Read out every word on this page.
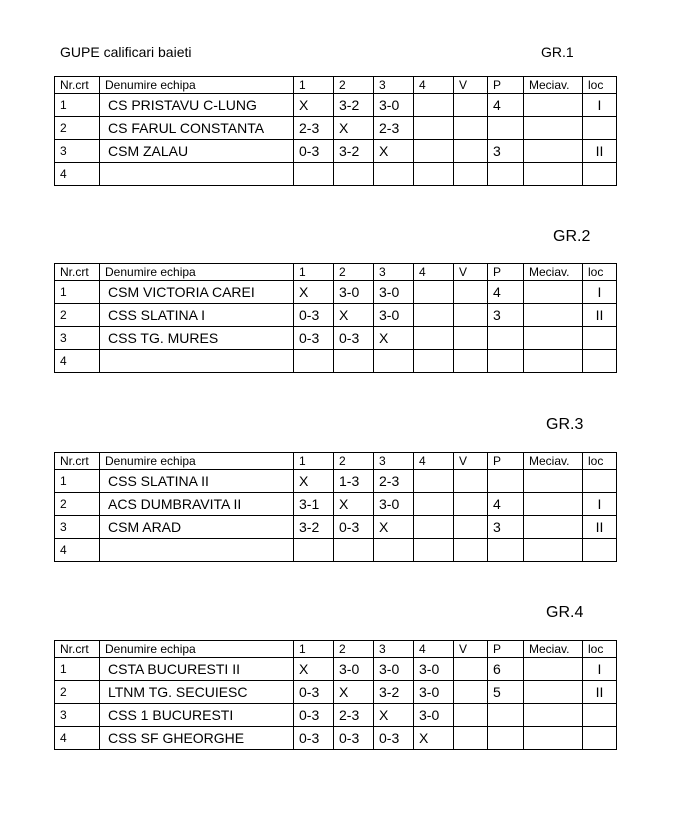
GUPE calificari baieti	GR.1
Nr.crt	Denumire echipa	1	2	3	4	V	P	Meciav.	loc
1	CS PRISTAVU C-LUNG	X	3-2	3-0			4		I
2	CS FARUL CONSTANTA	2-3	X	2-3					
3	CSM ZALAU	0-3	3-2	X			3		II
4									
GR.2
Nr.crt	Denumire echipa	1	2	3	4	V	P	Meciav.	loc
1	CSM VICTORIA CAREI	X	3-0	3-0			4		I
2	CSS SLATINA I	0-3	X	3-0			3		II
3	CSS TG. MURES	0-3	0-3	X					
4									
GR.3
Nr.crt	Denumire echipa	1	2	3	4	V	P	Meciav.	loc
1	CSS SLATINA II	X	1-3	2-3					
2	ACS DUMBRAVITA II	3-1	X	3-0			4		I
3	CSM ARAD	3-2	0-3	X			3		II
4									
GR.4
Nr.crt	Denumire echipa	1	2	3	4	V	P	Meciav.	loc
1	CSTA BUCURESTI II	X	3-0	3-0	3-0		6		I
2	LTNM TG. SECUIESC	0-3	X	3-2	3-0		5		II
3	CSS 1 BUCURESTI	0-3	2-3	X	3-0				
4	CSS SF GHEORGHE	0-3	0-3	0-3	X				
